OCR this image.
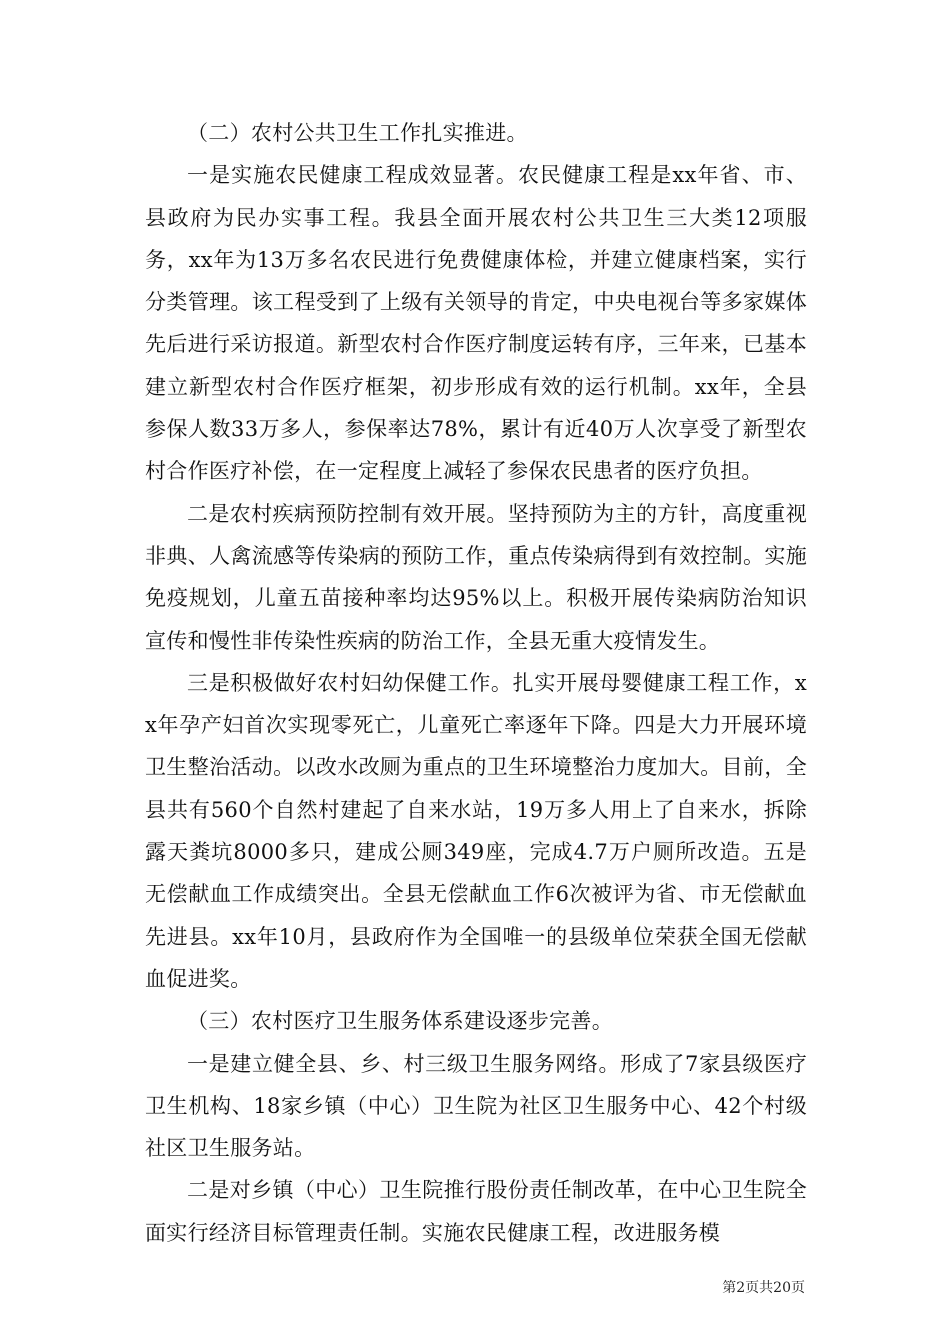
（二）农村公共卫生工作扎实推进。

一是实施农民健康工程成效显著。农民健康工程是xx年省、市、县政府为民办实事工程。我县全面开展农村公共卫生三大类12项服务，xx年为13万多名农民进行免费健康体检，并建立健康档案，实行分类管理。该工程受到了上级有关领导的肯定，中央电视台等多家媒体先后进行采访报道。新型农村合作医疗制度运转有序，三年来，已基本建立新型农村合作医疗框架，初步形成有效的运行机制。xx年，全县参保人数33万多人，参保率达78%，累计有近40万人次享受了新型农村合作医疗补偿，在一定程度上减轻了参保农民患者的医疗负担。

二是农村疾病预防控制有效开展。坚持预防为主的方针，高度重视非典、人禽流感等传染病的预防工作，重点传染病得到有效控制。实施免疫规划，儿童五苗接种率均达95%以上。积极开展传染病防治知识宣传和慢性非传染性疾病的防治工作，全县无重大疫情发生。

三是积极做好农村妇幼保健工作。扎实开展母婴健康工程工作，xx年孕产妇首次实现零死亡，儿童死亡率逐年下降。四是大力开展环境卫生整治活动。以改水改厕为重点的卫生环境整治力度加大。目前，全县共有560个自然村建起了自来水站，19万多人用上了自来水，拆除露天粪坑8000多只，建成公厕349座，完成4.7万户厕所改造。五是无偿献血工作成绩突出。全县无偿献血工作6次被评为省、市无偿献血先进县。xx年10月，县政府作为全国唯一的县级单位荣获全国无偿献血促进奖。

（三）农村医疗卫生服务体系建设逐步完善。

一是建立健全县、乡、村三级卫生服务网络。形成了7家县级医疗卫生机构、18家乡镇（中心）卫生院为社区卫生服务中心、42个村级社区卫生服务站。

二是对乡镇（中心）卫生院推行股份责任制改革，在中心卫生院全面实行经济目标管理责任制。实施农民健康工程，改进服务模

第2页共20页
